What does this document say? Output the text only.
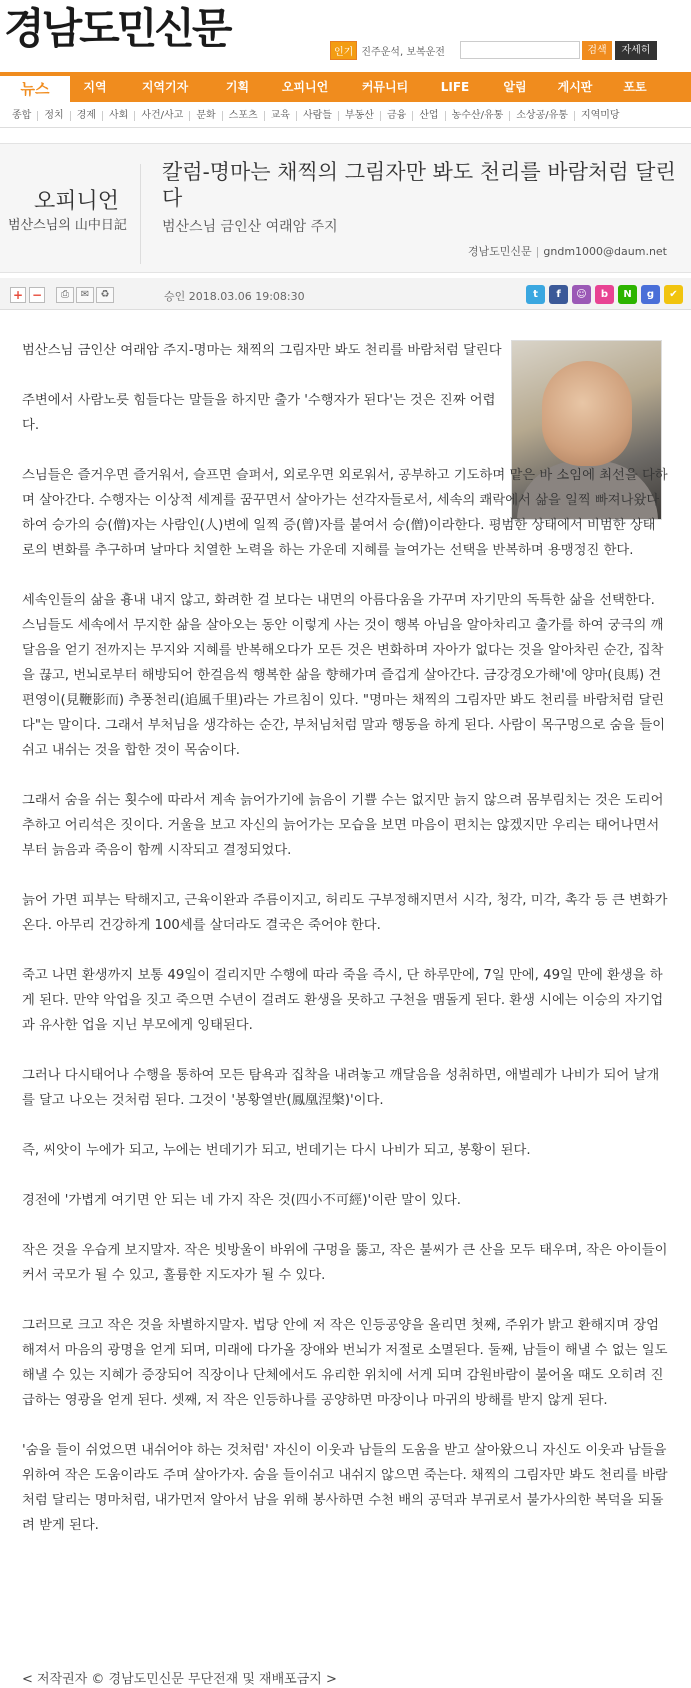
경남도민신문	인기 진주운석, 보복운전	검색	자세히
뉴스	지역	지역기자	기획	오피니언	커뮤니티	LIFE	알림	게시판	포토
종합	정치	경제	사회	사건/사고	문화	스포츠	교육	사람들	부동산	금융	산업	농수산/유통	소상공/유통	지역미당
오피니언
범산스님의 山中日記
칼럼-명마는 채찍의 그림자만 봐도 천리를 바람처럼 달린다
범산스님 금인산 여래암 주지
경남도민신문 | gndm1000@daum.net
+ −	⎙	✉	♻	승인 2018.03.06 19:08:30	t	f	☺	b	N	g	✔

범산스님 금인산 여래암 주지-명마는 채찍의 그림자만 봐도 천리를 바람처럼 달린다

주변에서 사람노릇 힘들다는 말들을 하지만 출가 '수행자가 된다'는 것은 진짜 어렵다.

스님들은 즐거우면 즐거워서, 슬프면 슬퍼서, 외로우면 외로워서, 공부하고 기도하며 맡은 바 소임에 최선을 다하며 살아간다. 수행자는 이상적 세계를 꿈꾸면서 살아가는 선각자들로서, 세속의 쾌락에서 삶을 일찍 빠져나왔다하여 승가의 승(僧)자는 사람인(人)변에 일찍 증(曾)자를 붙여서 승(僧)이라한다. 평범한 상태에서 비범한 상태로의 변화를 추구하며 날마다 치열한 노력을 하는 가운데 지혜를 늘여가는 선택을 반복하며 용맹정진 한다.

세속인들의 삶을 흉내 내지 않고, 화려한 걸 보다는 내면의 아름다움을 가꾸며 자기만의 독특한 삶을 선택한다. 스님들도 세속에서 무지한 삶을 살아오는 동안 이렇게 사는 것이 행복 아님을 알아차리고 출가를 하여 궁극의 깨달음을 얻기 전까지는 무지와 지혜를 반복해오다가 모든 것은 변화하며 자아가 없다는 것을 알아차린 순간, 집착을 끊고, 번뇌로부터 해방되어 한걸음씩 행복한 삶을 향해가며 즐겁게 살아간다. 금강경오가해'에 양마(良馬) 견편영이(見鞭影而) 추풍천리(追風千里)라는 가르침이 있다. "명마는 채찍의 그림자만 봐도 천리를 바람처럼 달린다"는 말이다. 그래서 부처님을 생각하는 순간, 부처님처럼 말과 행동을 하게 된다. 사람이 목구멍으로 숨을 들이쉬고 내쉬는 것을 합한 것이 목숨이다.

그래서 숨을 쉬는 횟수에 따라서 계속 늙어가기에 늙음이 기쁠 수는 없지만 늙지 않으려 몸부림치는 것은 도리어 추하고 어리석은 짓이다. 거울을 보고 자신의 늙어가는 모습을 보면 마음이 편치는 않겠지만 우리는 태어나면서부터 늙음과 죽음이 함께 시작되고 결정되었다.

늙어 가면 피부는 탁해지고, 근육이완과 주름이지고, 허리도 구부정해지면서 시각, 청각, 미각, 촉각 등 큰 변화가 온다. 아무리 건강하게 100세를 살더라도 결국은 죽어야 한다.

죽고 나면 환생까지 보통 49일이 걸리지만 수행에 따라 죽을 즉시, 단 하루만에, 7일 만에, 49일 만에 환생을 하게 된다. 만약 악업을 짓고 죽으면 수년이 걸려도 환생을 못하고 구천을 맴돌게 된다. 환생 시에는 이승의 자기업과 유사한 업을 지닌 부모에게 잉태된다.

그러나 다시태어나 수행을 통하여 모든 탐욕과 집착을 내려놓고 깨달음을 성취하면, 애벌레가 나비가 되어 날개를 달고 나오는 것처럼 된다. 그것이 '봉황열반(鳳凰涅槃)'이다.

즉, 씨앗이 누에가 되고, 누에는 번데기가 되고, 번데기는 다시 나비가 되고, 봉황이 된다.

경전에 '가볍게 여기면 안 되는 네 가지 작은 것(四小不可經)'이란 말이 있다.

작은 것을 우습게 보지말자. 작은 빗방울이 바위에 구멍을 뚫고, 작은 불씨가 큰 산을 모두 태우며, 작은 아이들이 커서 국모가 될 수 있고, 훌륭한 지도자가 될 수 있다.

그러므로 크고 작은 것을 차별하지말자. 법당 안에 저 작은 인등공양을 올리면 첫째, 주위가 밝고 환해지며 장엄해져서 마음의 광명을 얻게 되며, 미래에 다가올 장애와 번뇌가 저절로 소멸된다. 둘째, 남들이 해낼 수 없는 일도 해낼 수 있는 지혜가 증장되어 직장이나 단체에서도 유리한 위치에 서게 되며 감원바람이 불어올 때도 오히려 진급하는 영광을 얻게 된다. 셋째, 저 작은 인등하나를 공양하면 마장이나 마귀의 방해를 받지 않게 된다.

'숨을 들이 쉬었으면 내쉬어야 하는 것처럼' 자신이 이웃과 남들의 도움을 받고 살아왔으니 자신도 이웃과 남들을 위하여 작은 도움이라도 주며 살아가자. 숨을 들이쉬고 내쉬지 않으면 죽는다. 채찍의 그림자만 봐도 천리를 바람처럼 달리는 명마처럼, 내가먼저 알아서 남을 위해 봉사하면 수천 배의 공덕과 부귀로서 불가사의한 복덕을 되돌려 받게 된다.

< 저작권자 © 경남도민신문 무단전재 및 재배포금지 >
